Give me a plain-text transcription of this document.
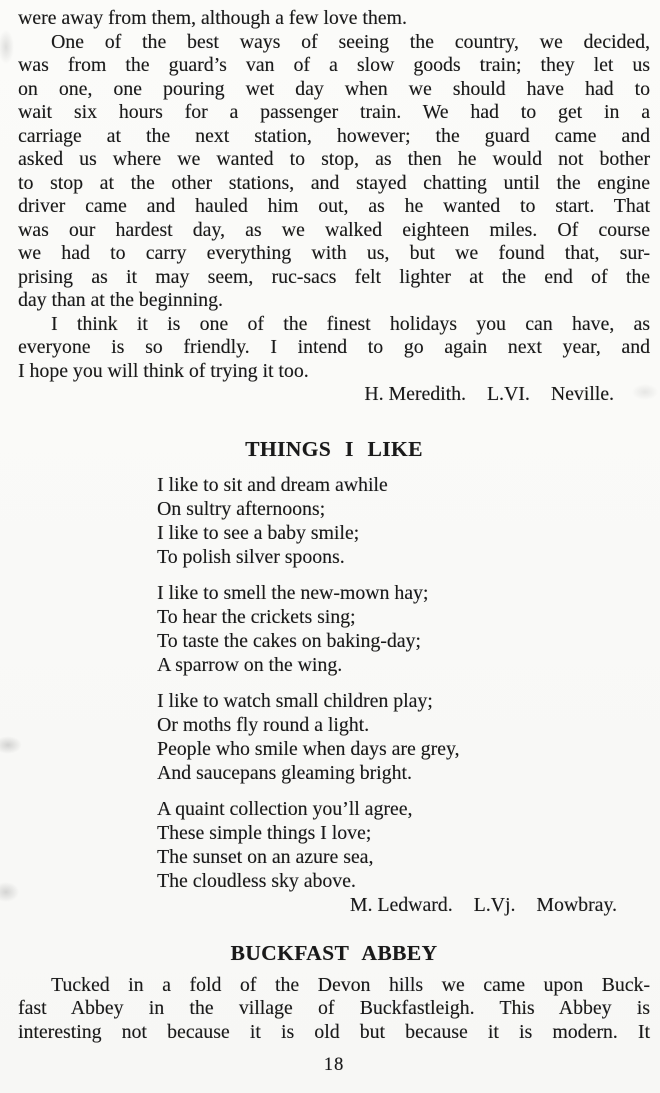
were away from them, although a few love them.
One of the best ways of seeing the country, we decided,
was from the guard’s van of a slow goods train; they let us
on one, one pouring wet day when we should have had to
wait six hours for a passenger train. We had to get in a
carriage at the next station, however; the guard came and
asked us where we wanted to stop, as then he would not bother
to stop at the other stations, and stayed chatting until the engine
driver came and hauled him out, as he wanted to start. That
was our hardest day, as we walked eighteen miles. Of course
we had to carry everything with us, but we found that, sur-
prising as it may seem, ruc-sacs felt lighter at the end of the
day than at the beginning.
I think it is one of the finest holidays you can have, as
everyone is so friendly. I intend to go again next year, and
I hope you will think of trying it too.
H. Meredith. L.VI. Neville.
THINGS I LIKE
I like to sit and dream awhile
On sultry afternoons;
I like to see a baby smile;
To polish silver spoons.
I like to smell the new-mown hay;
To hear the crickets sing;
To taste the cakes on baking-day;
A sparrow on the wing.
I like to watch small children play;
Or moths fly round a light.
People who smile when days are grey,
And saucepans gleaming bright.
A quaint collection you’ll agree,
These simple things I love;
The sunset on an azure sea,
The cloudless sky above.
M. Ledward. L.Vj. Mowbray.
BUCKFAST ABBEY
Tucked in a fold of the Devon hills we came upon Buck-
fast Abbey in the village of Buckfastleigh. This Abbey is
interesting not because it is old but because it is modern. It
18
